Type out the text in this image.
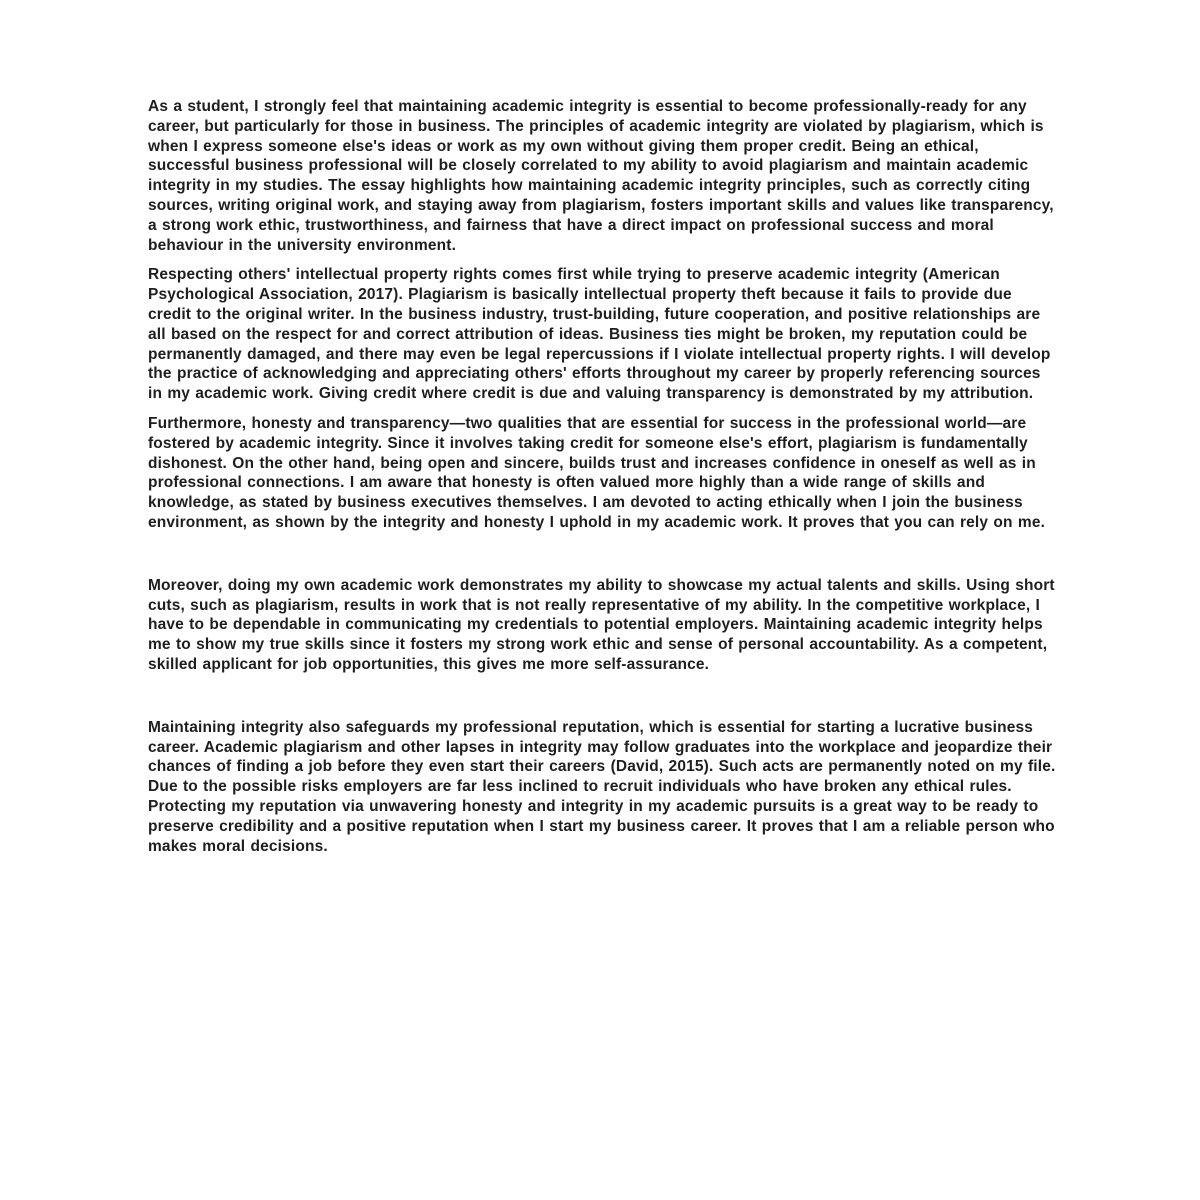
As a student, I strongly feel that maintaining academic integrity is essential to become professionally-ready for any career, but particularly for those in business. The principles of academic integrity are violated by plagiarism, which is when I express someone else's ideas or work as my own without giving them proper credit. Being an ethical, successful business professional will be closely correlated to my ability to avoid plagiarism and maintain academic integrity in my studies. The essay highlights how maintaining academic integrity principles, such as correctly citing sources, writing original work, and staying away from plagiarism, fosters important skills and values like transparency, a strong work ethic, trustworthiness, and fairness that have a direct impact on professional success and moral behaviour in the university environment.

Respecting others' intellectual property rights comes first while trying to preserve academic integrity (American Psychological Association, 2017). Plagiarism is basically intellectual property theft because it fails to provide due credit to the original writer. In the business industry, trust-building, future cooperation, and positive relationships are all based on the respect for and correct attribution of ideas. Business ties might be broken, my reputation could be permanently damaged, and there may even be legal repercussions if I violate intellectual property rights. I will develop the practice of acknowledging and appreciating others' efforts throughout my career by properly referencing sources in my academic work. Giving credit where credit is due and valuing transparency is demonstrated by my attribution.

Furthermore, honesty and transparency—two qualities that are essential for success in the professional world—are fostered by academic integrity. Since it involves taking credit for someone else's effort, plagiarism is fundamentally dishonest. On the other hand, being open and sincere, builds trust and increases confidence in oneself as well as in professional connections. I am aware that honesty is often valued more highly than a wide range of skills and knowledge, as stated by business executives themselves. I am devoted to acting ethically when I join the business environment, as shown by the integrity and honesty I uphold in my academic work. It proves that you can rely on me.

Moreover, doing my own academic work demonstrates my ability to showcase my actual talents and skills. Using short cuts, such as plagiarism, results in work that is not really representative of my ability. In the competitive workplace, I have to be dependable in communicating my credentials to potential employers. Maintaining academic integrity helps me to show my true skills since it fosters my strong work ethic and sense of personal accountability. As a competent, skilled applicant for job opportunities, this gives me more self-assurance.

Maintaining integrity also safeguards my professional reputation, which is essential for starting a lucrative business career. Academic plagiarism and other lapses in integrity may follow graduates into the workplace and jeopardize their chances of finding a job before they even start their careers (David, 2015). Such acts are permanently noted on my file. Due to the possible risks employers are far less inclined to recruit individuals who have broken any ethical rules. Protecting my reputation via unwavering honesty and integrity in my academic pursuits is a great way to be ready to preserve credibility and a positive reputation when I start my business career. It proves that I am a reliable person who makes moral decisions.
